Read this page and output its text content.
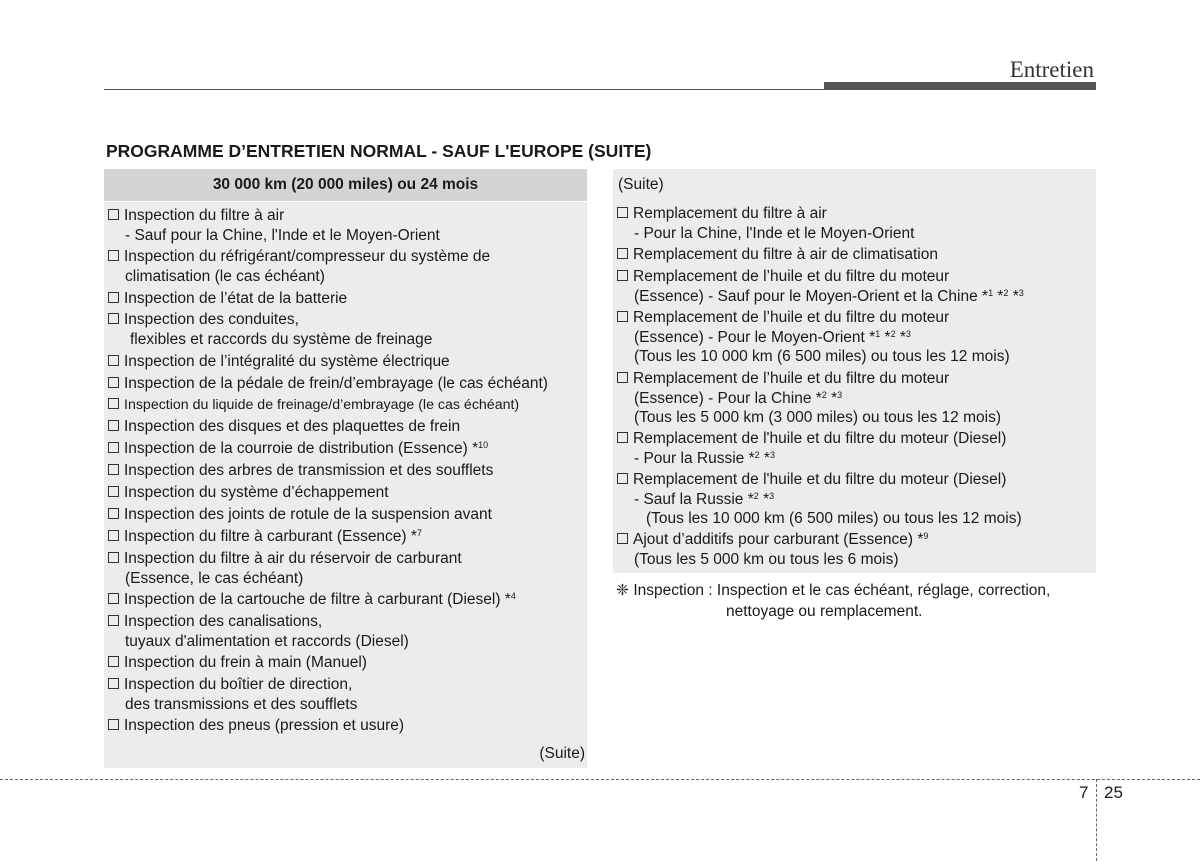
Entretien
PROGRAMME D’ENTRETIEN NORMAL - SAUF L'EUROPE (SUITE)
30 000 km (20 000 miles) ou 24 mois
Inspection du filtre à air
- Sauf pour la Chine, l'Inde et le Moyen-Orient
Inspection du réfrigérant/compresseur du système de
climatisation (le cas échéant)
Inspection de l’état de la batterie
Inspection des conduites,
flexibles et raccords du système de freinage
Inspection de l’intégralité du système électrique
Inspection de la pédale de frein/d’embrayage (le cas échéant)
Inspection du liquide de freinage/d’embrayage (le cas échéant)
Inspection des disques et des plaquettes de frein
Inspection de la courroie de distribution (Essence) *$^{10}$
Inspection des arbres de transmission et des soufflets
Inspection du système d’échappement
Inspection des joints de rotule de la suspension avant
Inspection du filtre à carburant (Essence) *$^7$
Inspection du filtre à air du réservoir de carburant
(Essence, le cas échéant)
Inspection de la cartouche de filtre à carburant (Diesel) *$^4$
Inspection des canalisations,
tuyaux d'alimentation et raccords (Diesel)
Inspection du frein à main (Manuel)
Inspection du boîtier de direction,
des transmissions et des soufflets
Inspection des pneus (pression et usure)
(Suite)
(Suite)
Remplacement du filtre à air
- Pour la Chine, l'Inde et le Moyen-Orient
Remplacement du filtre à air de climatisation
Remplacement de l’huile et du filtre du moteur
(Essence) - Sauf pour le Moyen-Orient et la Chine *$^1$ *$^2$ *$^3$
Remplacement de l’huile et du filtre du moteur
(Essence) - Pour le Moyen-Orient *$^1$ *$^2$ *$^3$
(Tous les 10 000 km (6 500 miles) ou tous les 12 mois)
Remplacement de l’huile et du filtre du moteur
(Essence) - Pour la Chine *$^2$ *$^3$
(Tous les 5 000 km (3 000 miles) ou tous les 12 mois)
Remplacement de l'huile et du filtre du moteur (Diesel)
- Pour la Russie *$^2$ *$^3$
Remplacement de l'huile et du filtre du moteur (Diesel)
- Sauf la Russie *$^2$ *$^3$
(Tous les 10 000 km (6 500 miles) ou tous les 12 mois)
Ajout d’additifs pour carburant (Essence) *$^9$
(Tous les 5 000 km ou tous les 6 mois)
❈ Inspection : Inspection et le cas échéant, réglage, correction,
nettoyage ou remplacement.
7 25
